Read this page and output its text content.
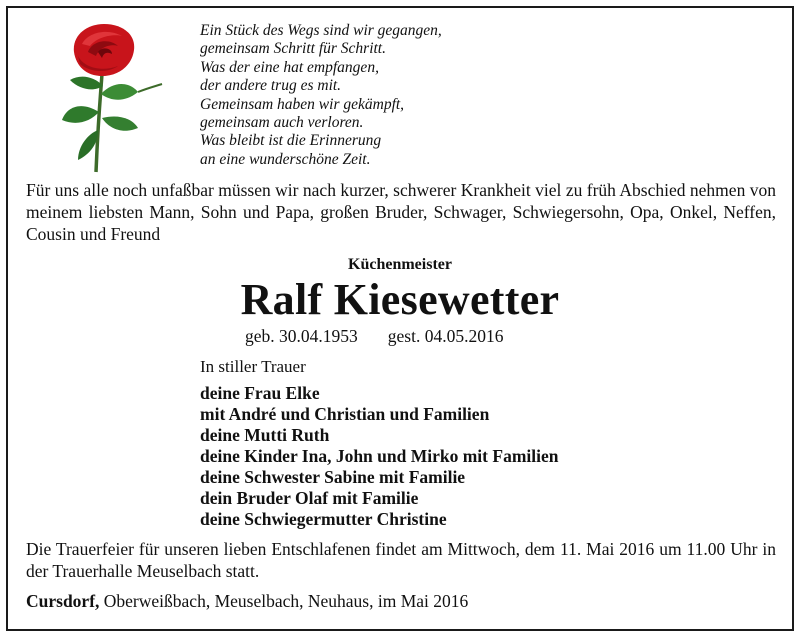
Ein Stück des Wegs sind wir gegangen,
gemeinsam Schritt für Schritt.
Was der eine hat empfangen,
der andere trug es mit.
Gemeinsam haben wir gekämpft,
gemeinsam auch verloren.
Was bleibt ist die Erinnerung
an eine wunderschöne Zeit.

Für uns alle noch unfaßbar müssen wir nach kurzer, schwerer Krankheit viel zu früh Abschied nehmen von meinem liebsten Mann, Sohn und Papa, großen Bruder, Schwager, Schwiegersohn, Opa, Onkel, Neffen, Cousin und Freund

Küchenmeister

Ralf Kiesewetter

geb. 30.04.1953 gest. 04.05.2016
In stiller Trauer
deine Frau Elke
mit André und Christian und Familien
deine Mutti Ruth
deine Kinder Ina, John und Mirko mit Familien
deine Schwester Sabine mit Familie
dein Bruder Olaf mit Familie
deine Schwiegermutter Christine

Die Trauerfeier für unseren lieben Entschlafenen findet am Mittwoch, dem 11. Mai 2016 um 11.00 Uhr in der Trauerhalle Meuselbach statt.

Cursdorf, Oberweißbach, Meuselbach, Neuhaus, im Mai 2016
